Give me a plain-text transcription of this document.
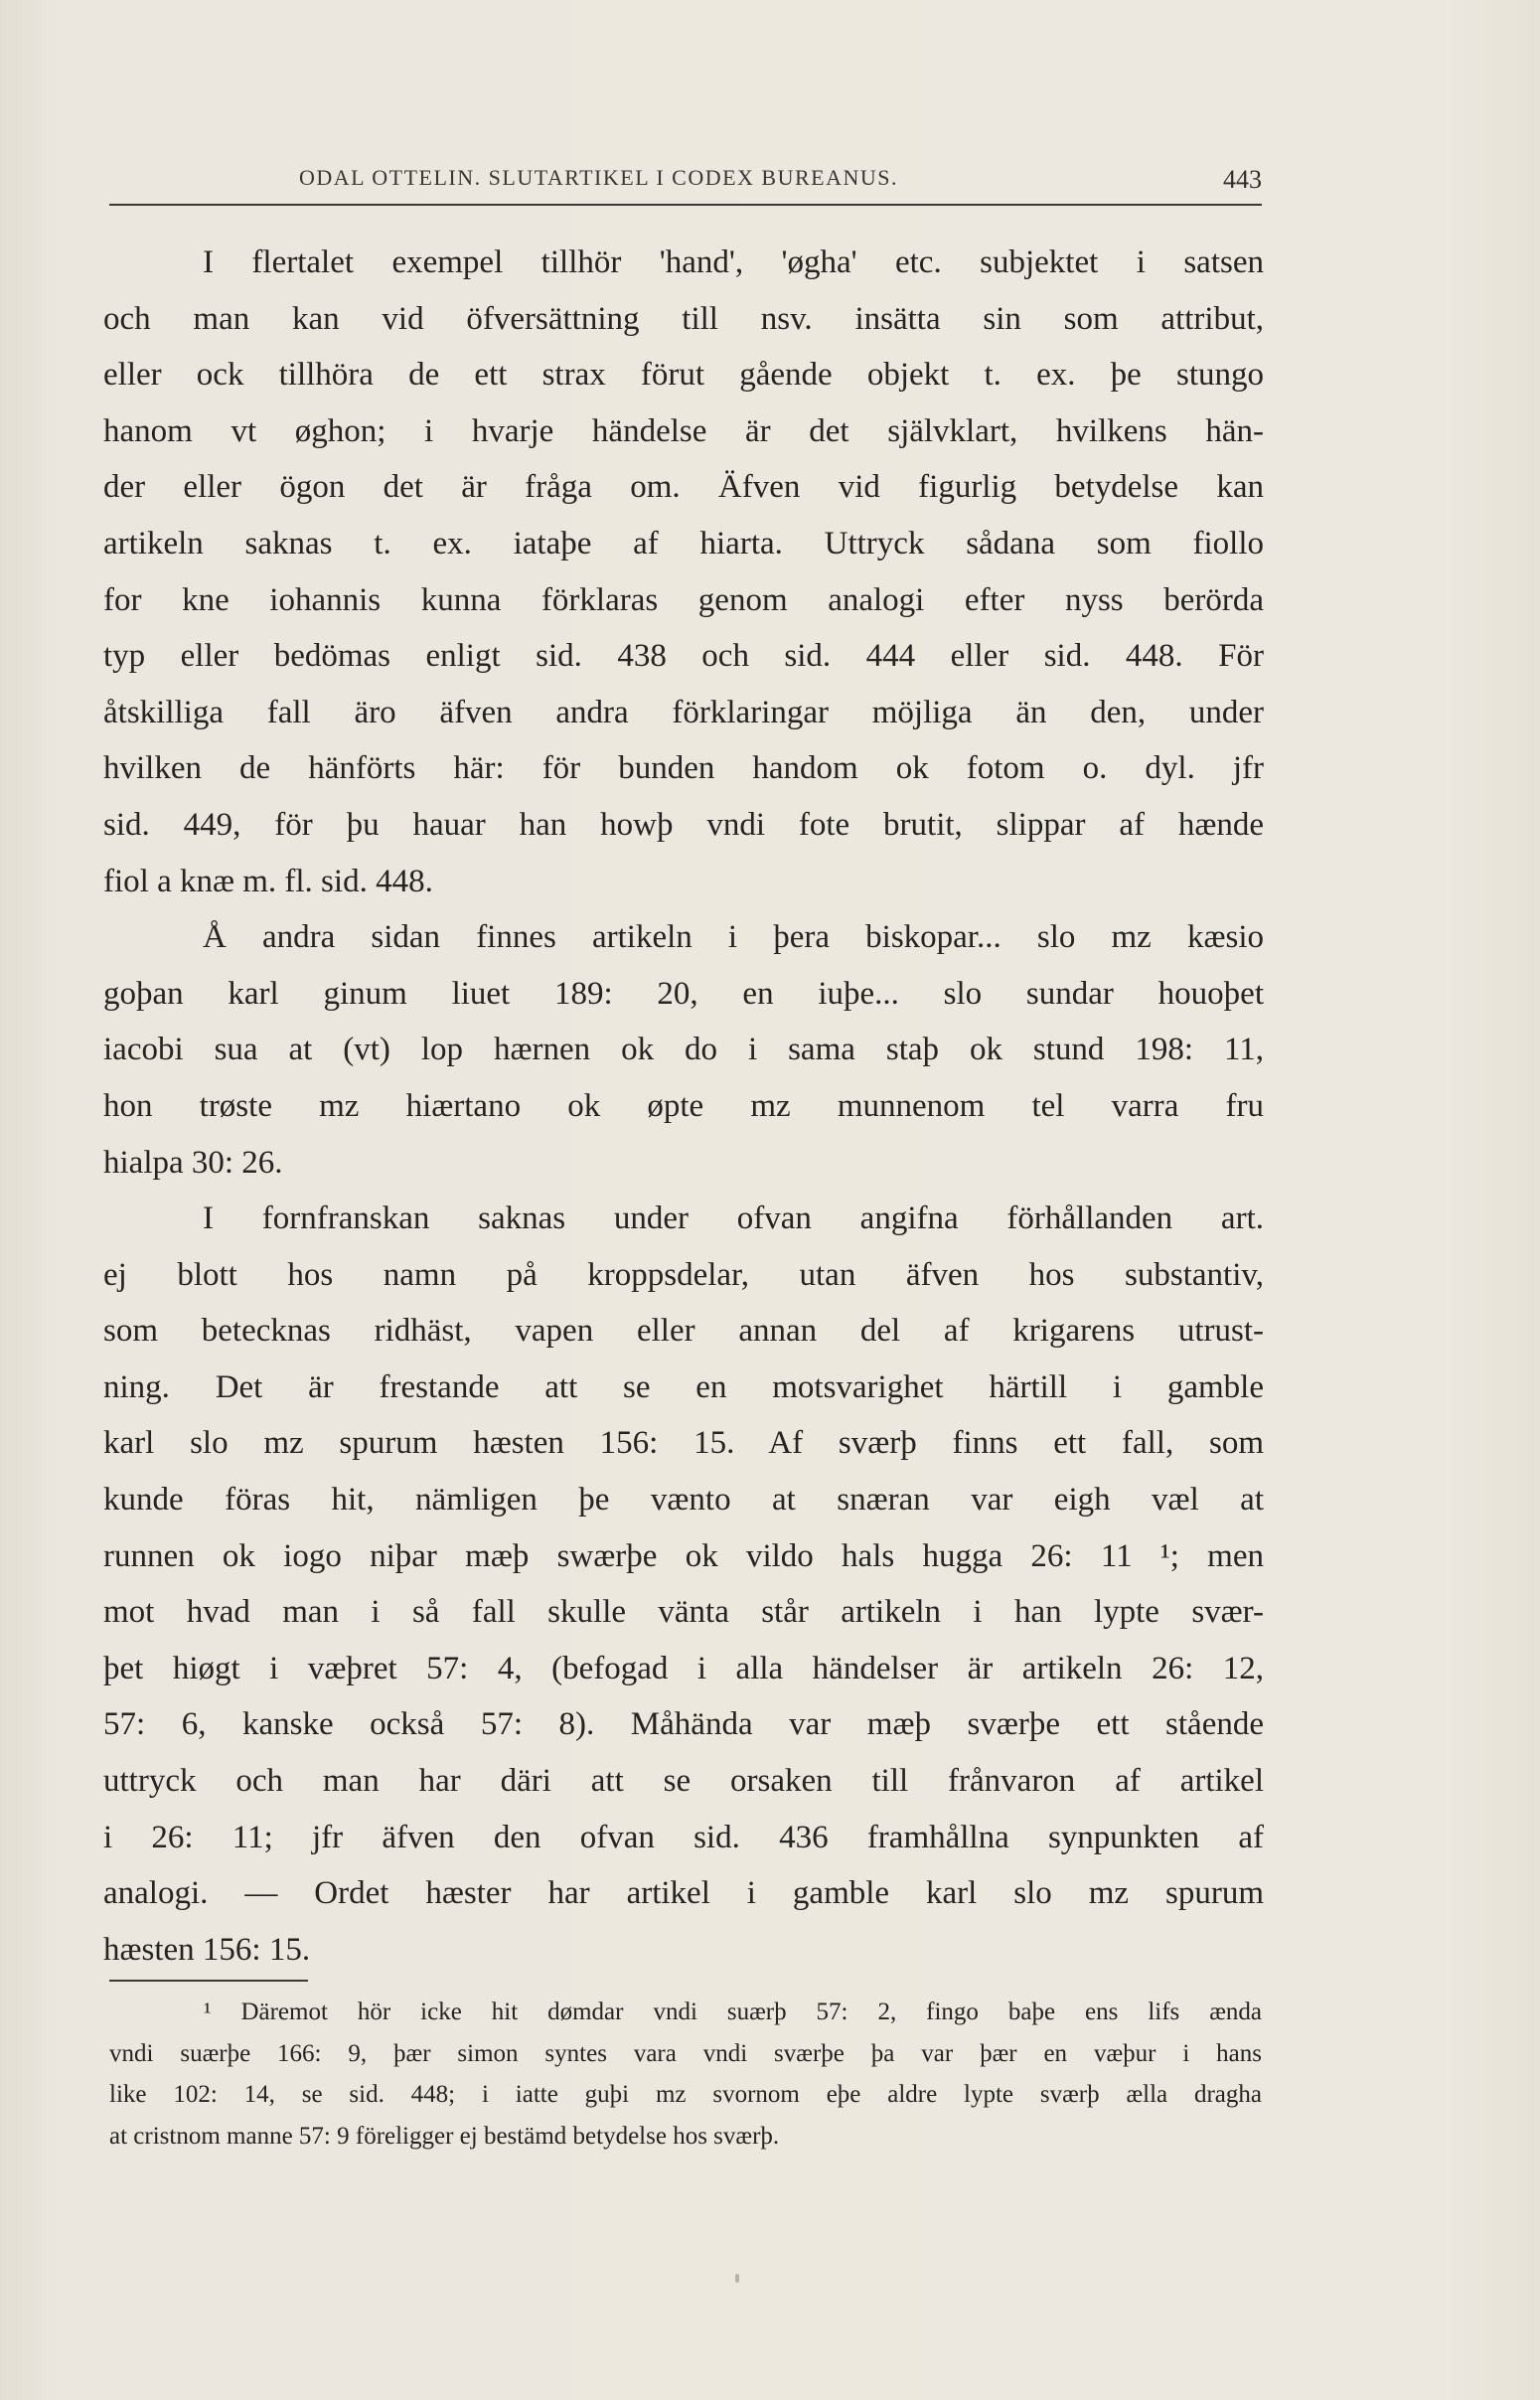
ODAL OTTELIN. SLUTARTIKEL I CODEX BUREANUS.	443
I flertalet exempel tillhör 'hand', 'øgha' etc. subjektet i satsen
och man kan vid öfversättning till nsv. insätta sin som attribut,
eller ock tillhöra de ett strax förut gående objekt t. ex. þe stungo
hanom vt øghon; i hvarje händelse är det självklart, hvilkens hän-
der eller ögon det är fråga om. Äfven vid figurlig betydelse kan
artikeln saknas t. ex. iataþe af hiarta. Uttryck sådana som fiollo
for kne iohannis kunna förklaras genom analogi efter nyss berörda
typ eller bedömas enligt sid. 438 och sid. 444 eller sid. 448. För
åtskilliga fall äro äfven andra förklaringar möjliga än den, under
hvilken de hänförts här: för bunden handom ok fotom o. dyl. jfr
sid. 449, för þu hauar han howþ vndi fote brutit, slippar af hænde
fiol a knæ m. fl. sid. 448.
Å andra sidan finnes artikeln i þera biskopar... slo mz kæsio
goþan karl ginum liuet 189: 20, en iuþe... slo sundar houoþet
iacobi sua at (vt) lop hærnen ok do i sama staþ ok stund 198: 11,
hon trøste mz hiærtano ok øpte mz munnenom tel varra fru
hialpa 30: 26.
I fornfranskan saknas under ofvan angifna förhållanden art.
ej blott hos namn på kroppsdelar, utan äfven hos substantiv,
som betecknas ridhäst, vapen eller annan del af krigarens utrust-
ning. Det är frestande att se en motsvarighet härtill i gamble
karl slo mz spurum hæsten 156: 15. Af sværþ finns ett fall, som
kunde föras hit, nämligen þe vænto at snæran var eigh væl at
runnen ok iogo niþar mæþ swærþe ok vildo hals hugga 26: 11 ¹; men
mot hvad man i så fall skulle vänta står artikeln i han lypte svær-
þet hiøgt i væþret 57: 4, (befogad i alla händelser är artikeln 26: 12,
57: 6, kanske också 57: 8). Måhända var mæþ sværþe ett stående
uttryck och man har däri att se orsaken till frånvaron af artikel
i 26: 11; jfr äfven den ofvan sid. 436 framhållna synpunkten af
analogi. — Ordet hæster har artikel i gamble karl slo mz spurum
hæsten 156: 15.
¹ Däremot hör icke hit dømdar vndi suærþ 57: 2, fingo baþe ens lifs ænda
vndi suærþe 166: 9, þær simon syntes vara vndi sværþe þa var þær en væþur i hans
like 102: 14, se sid. 448; i iatte guþi mz svornom eþe aldre lypte sværþ ælla dragha
at cristnom manne 57: 9 föreligger ej bestämd betydelse hos sværþ.
